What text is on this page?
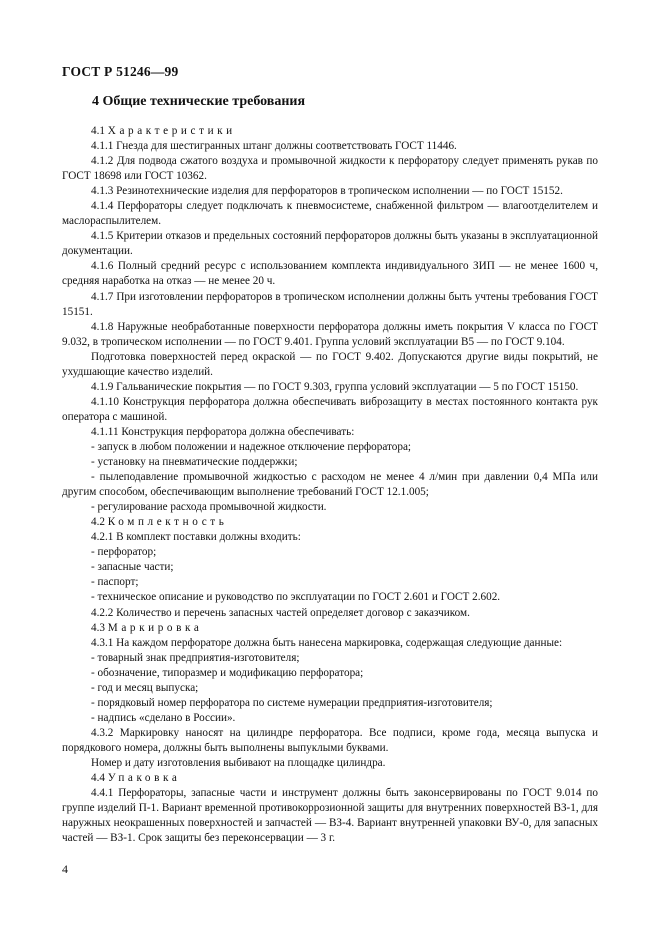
ГОСТ Р 51246—99
4 Общие технические требования

4.1 Характеристики

4.1.1 Гнезда для шестигранных штанг должны соответствовать ГОСТ 11446.

4.1.2 Для подвода сжатого воздуха и промывочной жидкости к перфоратору следует применять рукав по ГОСТ 18698 или ГОСТ 10362.

4.1.3 Резинотехнические изделия для перфораторов в тропическом исполнении — по ГОСТ 15152.

4.1.4 Перфораторы следует подключать к пневмосистеме, снабженной фильтром — влагоотделителем и маслораспылителем.

4.1.5 Критерии отказов и предельных состояний перфораторов должны быть указаны в эксплуатационной документации.

4.1.6 Полный средний ресурс с использованием комплекта индивидуального ЗИП — не менее 1600 ч, средняя наработка на отказ — не менее 20 ч.

4.1.7 При изготовлении перфораторов в тропическом исполнении должны быть учтены требования ГОСТ 15151.

4.1.8 Наружные необработанные поверхности перфоратора должны иметь покрытия V класса по ГОСТ 9.032, в тропическом исполнении — по ГОСТ 9.401. Группа условий эксплуатации В5 — по ГОСТ 9.104.

Подготовка поверхностей перед окраской — по ГОСТ 9.402. Допускаются другие виды покрытий, не ухудшающие качество изделий.

4.1.9 Гальванические покрытия — по ГОСТ 9.303, группа условий эксплуатации — 5 по ГОСТ 15150.

4.1.10 Конструкция перфоратора должна обеспечивать виброзащиту в местах постоянного контакта рук оператора с машиной.

4.1.11 Конструкция перфоратора должна обеспечивать:

- запуск в любом положении и надежное отключение перфоратора;

- установку на пневматические поддержки;

- пылеподавление промывочной жидкостью с расходом не менее 4 л/мин при давлении 0,4 МПа или другим способом, обеспечивающим выполнение требований ГОСТ 12.1.005;

- регулирование расхода промывочной жидкости.

4.2 Комплектность

4.2.1 В комплект поставки должны входить:

- перфоратор;

- запасные части;

- паспорт;

- техническое описание и руководство по эксплуатации по ГОСТ 2.601 и ГОСТ 2.602.

4.2.2 Количество и перечень запасных частей определяет договор с заказчиком.

4.3 Маркировка

4.3.1 На каждом перфораторе должна быть нанесена маркировка, содержащая следующие данные:

- товарный знак предприятия-изготовителя;

- обозначение, типоразмер и модификацию перфоратора;

- год и месяц выпуска;

- порядковый номер перфоратора по системе нумерации предприятия-изготовителя;

- надпись «сделано в России».

4.3.2 Маркировку наносят на цилиндре перфоратора. Все подписи, кроме года, месяца выпуска и порядкового номера, должны быть выполнены выпуклыми буквами.

Номер и дату изготовления выбивают на площадке цилиндра.

4.4 Упаковка

4.4.1 Перфораторы, запасные части и инструмент должны быть законсервированы по ГОСТ 9.014 по группе изделий П-1. Вариант временной противокоррозионной защиты для внутренних поверхностей ВЗ-1, для наружных неокрашенных поверхностей и запчастей — ВЗ-4. Вариант внутренней упаковки ВУ-0, для запасных частей — ВЗ-1. Срок защиты без переконсервации — 3 г.

4
